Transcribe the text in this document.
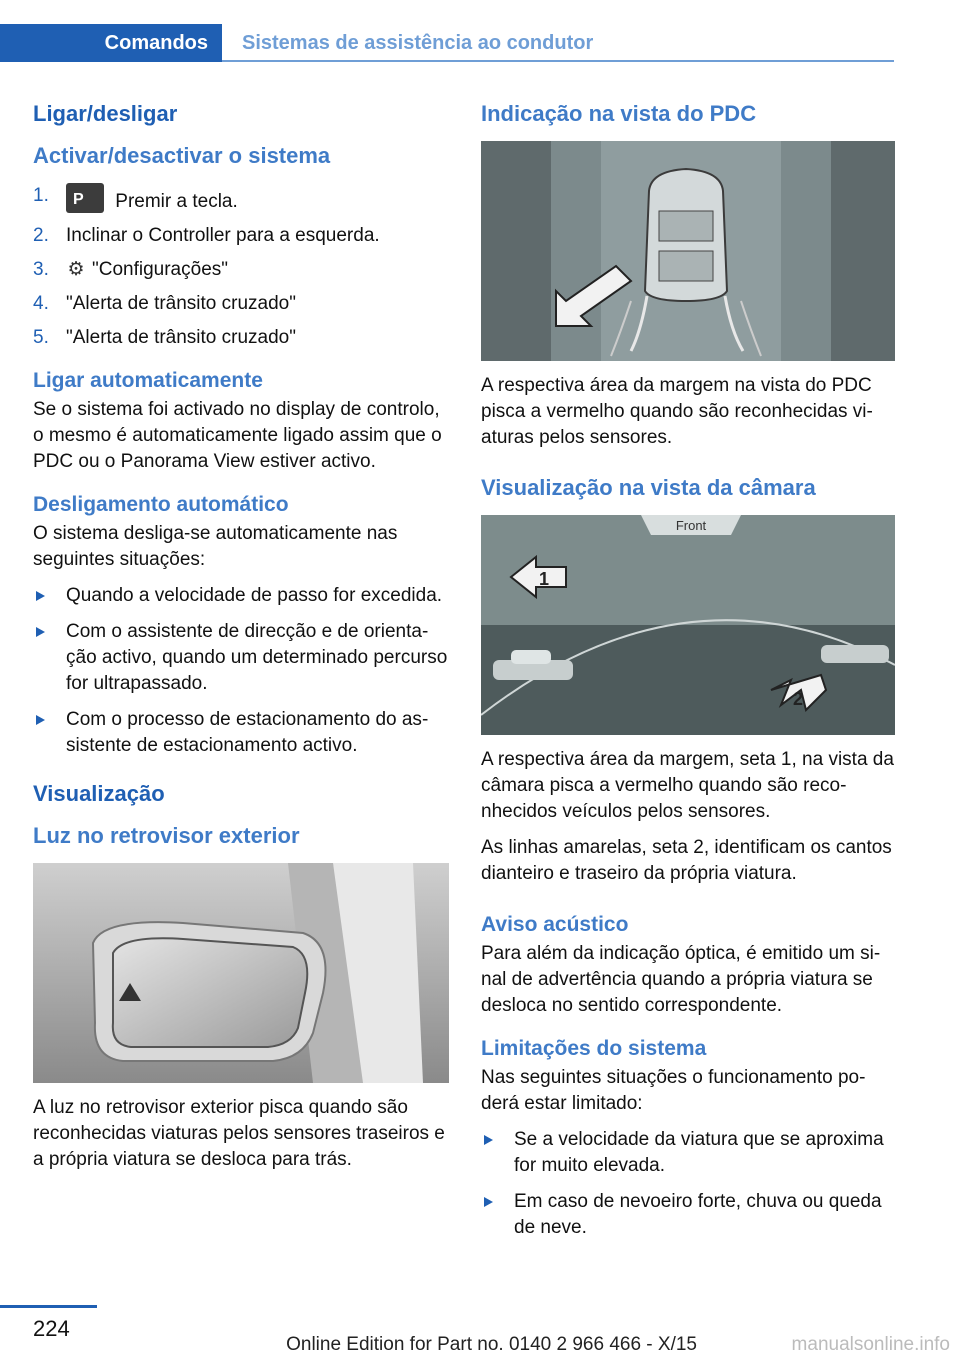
Comandos	Sistemas de assistência ao condutor
Ligar/desligar
Activar/desactivar o sistema
1. P Premir a tecla.
2. Inclinar o Controller para a esquerda.
3. ⚙ "Configurações"
4. "Alerta de trânsito cruzado"
5. "Alerta de trânsito cruzado"
Ligar automaticamente

Se o sistema foi activado no display de controlo, o mesmo é automaticamente ligado assim que o PDC ou o Panorama View estiver activo.

Desligamento automático

O sistema desliga-se automaticamente nas seguintes situações:

Quando a velocidade de passo for excedida.
Com o assistente de direcção e de orientação activo, quando um determinado percurso for ultrapassado.
Com o processo de estacionamento do assistente de estacionamento activo.
Visualização
Luz no retrovisor exterior

A luz no retrovisor exterior pisca quando são reconhecidas viaturas pelos sensores traseiros e a própria viatura se desloca para trás.

Indicação na vista do PDC

A respectiva área da margem na vista do PDC pisca a vermelho quando são reconhecidas viaturas pelos sensores.

Visualização na vista da câmara
Front
1
2

A respectiva área da margem, seta 1, na vista da câmara pisca a vermelho quando são reconhecidos veículos pelos sensores.

As linhas amarelas, seta 2, identificam os cantos dianteiro e traseiro da própria viatura.

Aviso acústico

Para além da indicação óptica, é emitido um sinal de advertência quando a própria viatura se desloca no sentido correspondente.

Limitações do sistema

Nas seguintes situações o funcionamento poderá estar limitado:

Se a velocidade da viatura que se aproxima for muito elevada.
Em caso de nevoeiro forte, chuva ou queda de neve.
224
Online Edition for Part no. 0140 2 966 466 - X/15	manualsonline.info
